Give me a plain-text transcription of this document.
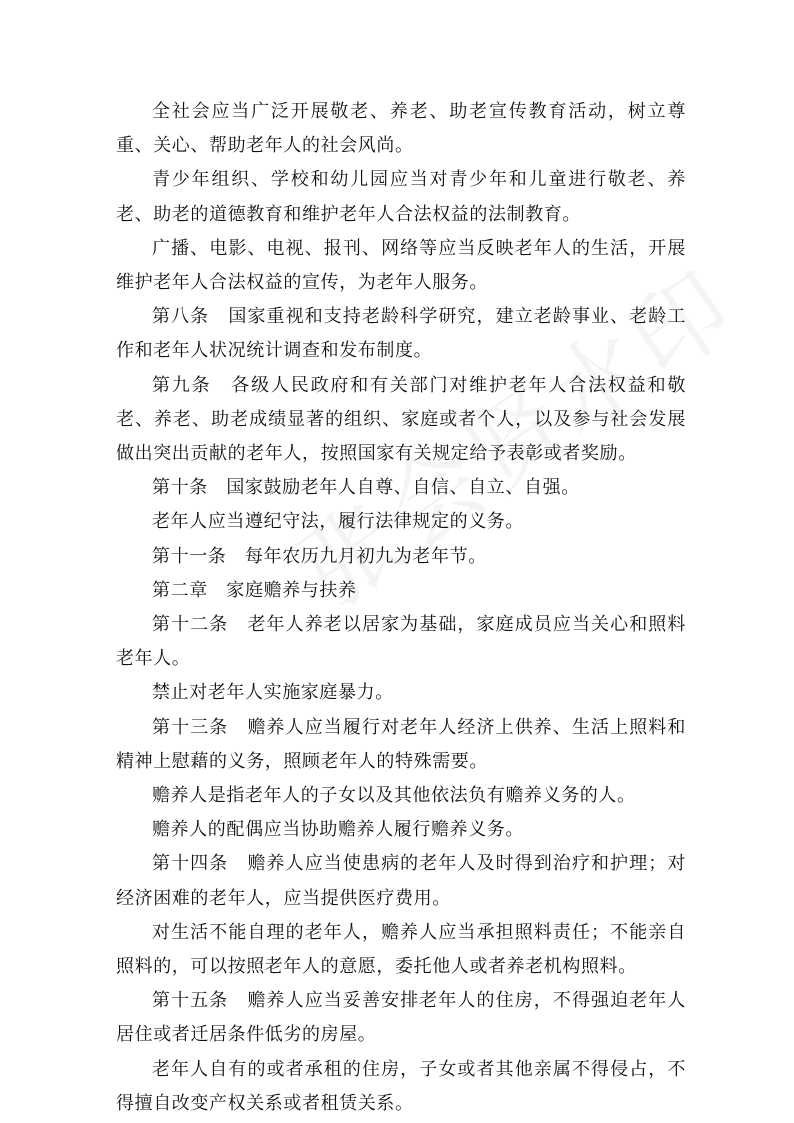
全社会应当广泛开展敬老、养老、助老宣传教育活动，树立尊重、关心、帮助老年人的社会风尚。

青少年组织、学校和幼儿园应当对青少年和儿童进行敬老、养老、助老的道德教育和维护老年人合法权益的法制教育。

广播、电影、电视、报刊、网络等应当反映老年人的生活，开展维护老年人合法权益的宣传，为老年人服务。

第八条　国家重视和支持老龄科学研究，建立老龄事业、老龄工作和老年人状况统计调查和发布制度。

第九条　各级人民政府和有关部门对维护老年人合法权益和敬老、养老、助老成绩显著的组织、家庭或者个人，以及参与社会发展做出突出贡献的老年人，按照国家有关规定给予表彰或者奖励。

第十条　国家鼓励老年人自尊、自信、自立、自强。

老年人应当遵纪守法，履行法律规定的义务。

第十一条　每年农历九月初九为老年节。

第二章　家庭赡养与扶养

第十二条　老年人养老以居家为基础，家庭成员应当关心和照料老年人。

禁止对老年人实施家庭暴力。

第十三条　赡养人应当履行对老年人经济上供养、生活上照料和精神上慰藉的义务，照顾老年人的特殊需要。

赡养人是指老年人的子女以及其他依法负有赡养义务的人。

赡养人的配偶应当协助赡养人履行赡养义务。

第十四条　赡养人应当使患病的老年人及时得到治疗和护理；对经济困难的老年人，应当提供医疗费用。

对生活不能自理的老年人，赡养人应当承担照料责任；不能亲自照料的，可以按照老年人的意愿，委托他人或者养老机构照料。

第十五条　赡养人应当妥善安排老年人的住房，不得强迫老年人居住或者迁居条件低劣的房屋。

老年人自有的或者承租的住房，子女或者其他亲属不得侵占，不得擅自改变产权关系或者租赁关系。
